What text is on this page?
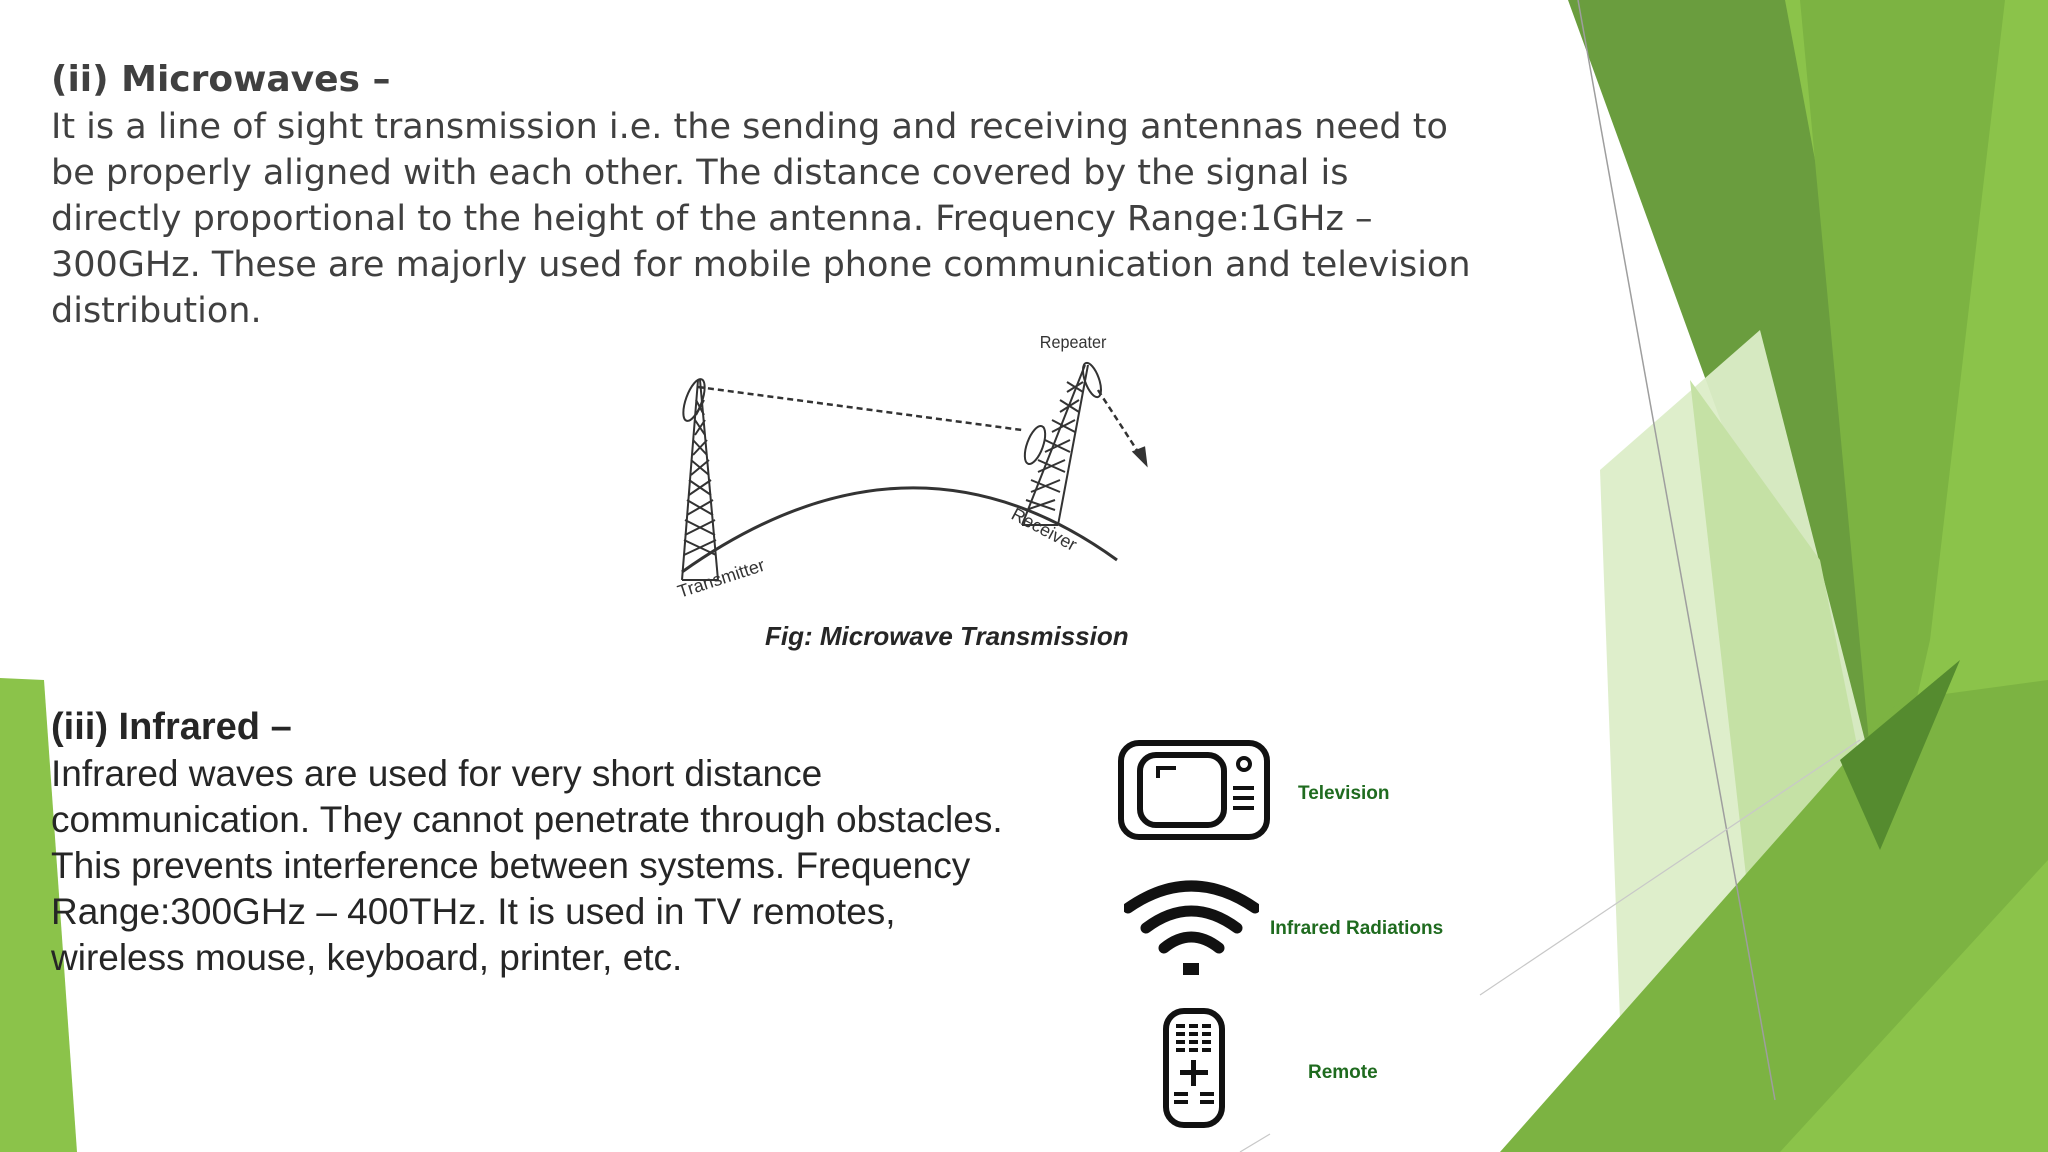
(ii) Microwaves –

It is a line of sight transmission i.e. the sending and receiving antennas need to
be properly aligned with each other. The distance covered by the signal is
directly proportional to the height of the antenna. Frequency Range:1GHz –
300GHz. These are majorly used for mobile phone communication and television
distribution.

Repeater
Transmitter
Receiver
Fig: Microwave Transmission
(iii) Infrared –

Infrared waves are used for very short distance
communication. They cannot penetrate through obstacles.
This prevents interference between systems. Frequency
Range:300GHz – 400THz. It is used in TV remotes,
wireless mouse, keyboard, printer, etc.

Television
Infrared Radiations
Remote
